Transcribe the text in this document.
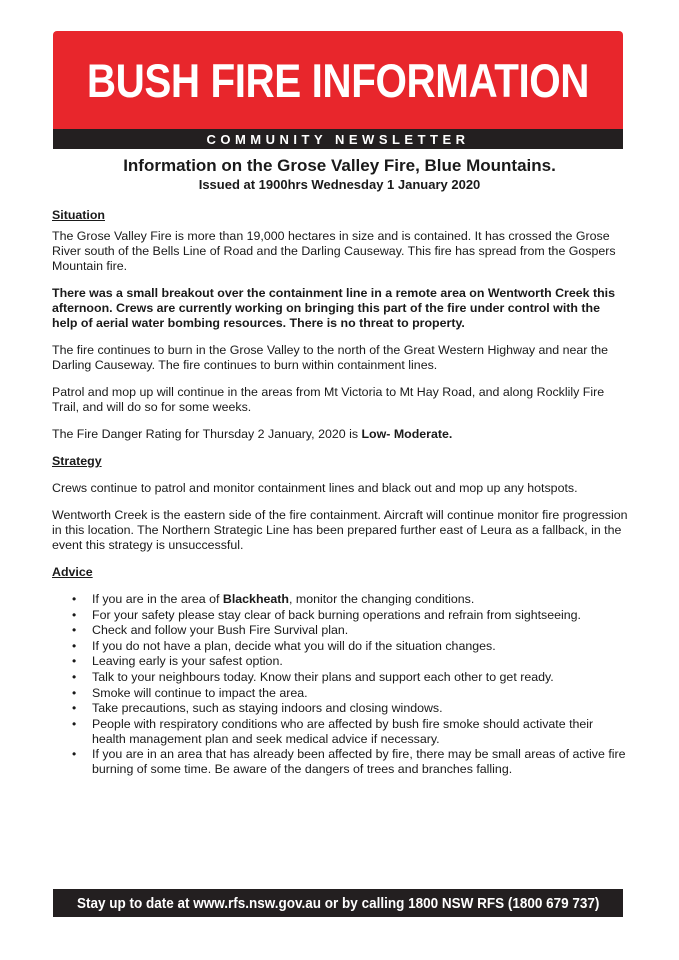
BUSH FIRE INFORMATION
COMMUNITY NEWSLETTER
Information on the Grose Valley Fire, Blue Mountains.
Issued at 1900hrs Wednesday 1 January 2020
Situation

The Grose Valley Fire is more than 19,000 hectares in size and is contained. It has crossed the Grose River south of the Bells Line of Road and the Darling Causeway. This fire has spread from the Gospers Mountain fire.

There was a small breakout over the containment line in a remote area on Wentworth Creek this afternoon. Crews are currently working on bringing this part of the fire under control with the help of aerial water bombing resources. There is no threat to property.

The fire continues to burn in the Grose Valley to the north of the Great Western Highway and near the Darling Causeway. The fire continues to burn within containment lines.

Patrol and mop up will continue in the areas from Mt Victoria to Mt Hay Road, and along Rocklily Fire Trail, and will do so for some weeks.

The Fire Danger Rating for Thursday 2 January, 2020 is Low- Moderate.

Strategy

Crews continue to patrol and monitor containment lines and black out and mop up any hotspots.

Wentworth Creek is the eastern side of the fire containment. Aircraft will continue monitor fire progression in this location. The Northern Strategic Line has been prepared further east of Leura as a fallback, in the event this strategy is unsuccessful.

Advice
• If you are in the area of Blackheath, monitor the changing conditions.
• For your safety please stay clear of back burning operations and refrain from sightseeing.
• Check and follow your Bush Fire Survival plan.
• If you do not have a plan, decide what you will do if the situation changes.
• Leaving early is your safest option.
• Talk to your neighbours today. Know their plans and support each other to get ready.
• Smoke will continue to impact the area.
• Take precautions, such as staying indoors and closing windows.
• People with respiratory conditions who are affected by bush fire smoke should activate their health management plan and seek medical advice if necessary.
• If you are in an area that has already been affected by fire, there may be small areas of active fire burning of some time. Be aware of the dangers of trees and branches falling.
Stay up to date at www.rfs.nsw.gov.au or by calling 1800 NSW RFS (1800 679 737)
